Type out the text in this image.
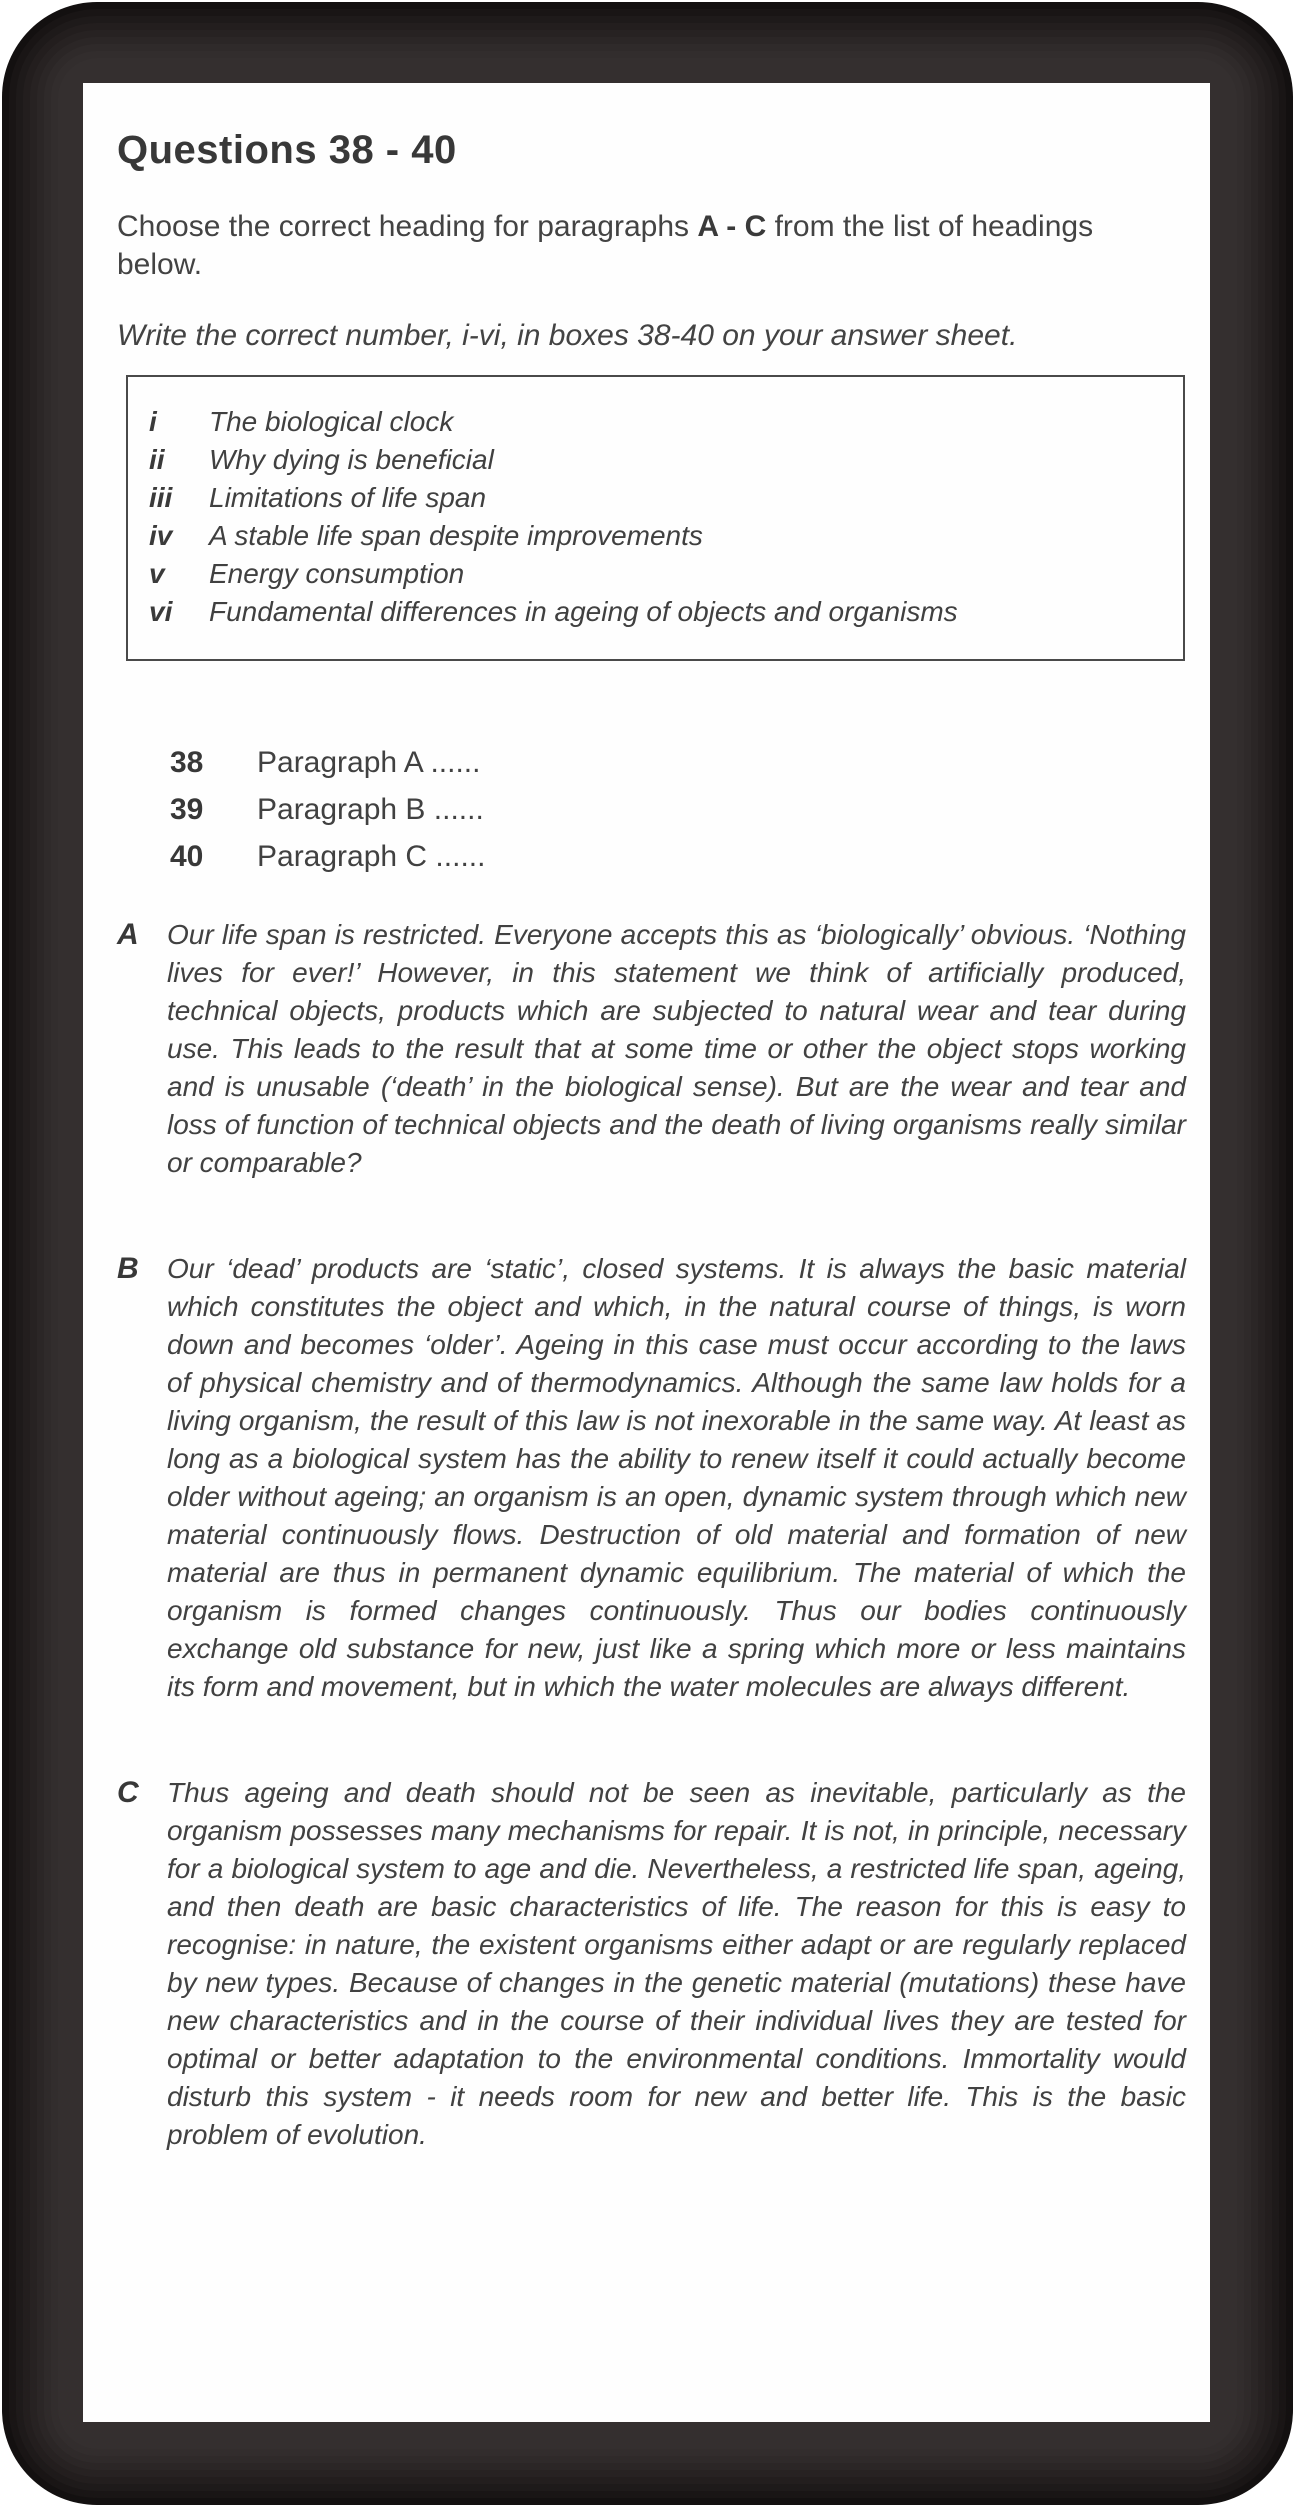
Questions 38 - 40
Choose the correct heading for paragraphs A - C from the list of headings below.
Write the correct number, i-vi, in boxes 38-40 on your answer sheet.
i	The biological clock
ii	Why dying is beneficial
iii	Limitations of life span
iv	A stable life span despite improvements
v	Energy consumption
vi	Fundamental differences in ageing of objects and organisms
38	Paragraph A ......
39	Paragraph B ......
40	Paragraph C ......
A	Our life span is restricted. Everyone accepts this as ‘biologically’ obvious. ‘Nothing lives for ever!’ However, in this statement we think of artificially produced, technical objects, products which are subjected to natural wear and tear during use. This leads to the result that at some time or other the object stops working and is unusable (‘death’ in the biological sense). But are the wear and tear and loss of function of technical objects and the death of living organisms really similar or comparable?
B	Our ‘dead’ products are ‘static’, closed systems. It is always the basic material which constitutes the object and which, in the natural course of things, is worn down and becomes ‘older’. Ageing in this case must occur according to the laws of physical chemistry and of thermodynamics. Although the same law holds for a living organism, the result of this law is not inexorable in the same way. At least as long as a biological system has the ability to renew itself it could actually become older without ageing; an organism is an open, dynamic system through which new material continuously flows. Destruction of old material and formation of new material are thus in permanent dynamic equilibrium. The material of which the organism is formed changes continuously. Thus our bodies continuously exchange old substance for new, just like a spring which more or less maintains its form and movement, but in which the water molecules are always different.
C	Thus ageing and death should not be seen as inevitable, particularly as the organism possesses many mechanisms for repair. It is not, in principle, necessary for a biological system to age and die. Nevertheless, a restricted life span, ageing, and then death are basic characteristics of life. The reason for this is easy to recognise: in nature, the existent organisms either adapt or are regularly replaced by new types. Because of changes in the genetic material (mutations) these have new characteristics and in the course of their individual lives they are tested for optimal or better adaptation to the environmental conditions. Immortality would disturb this system - it needs room for new and better life. This is the basic problem of evolution.
